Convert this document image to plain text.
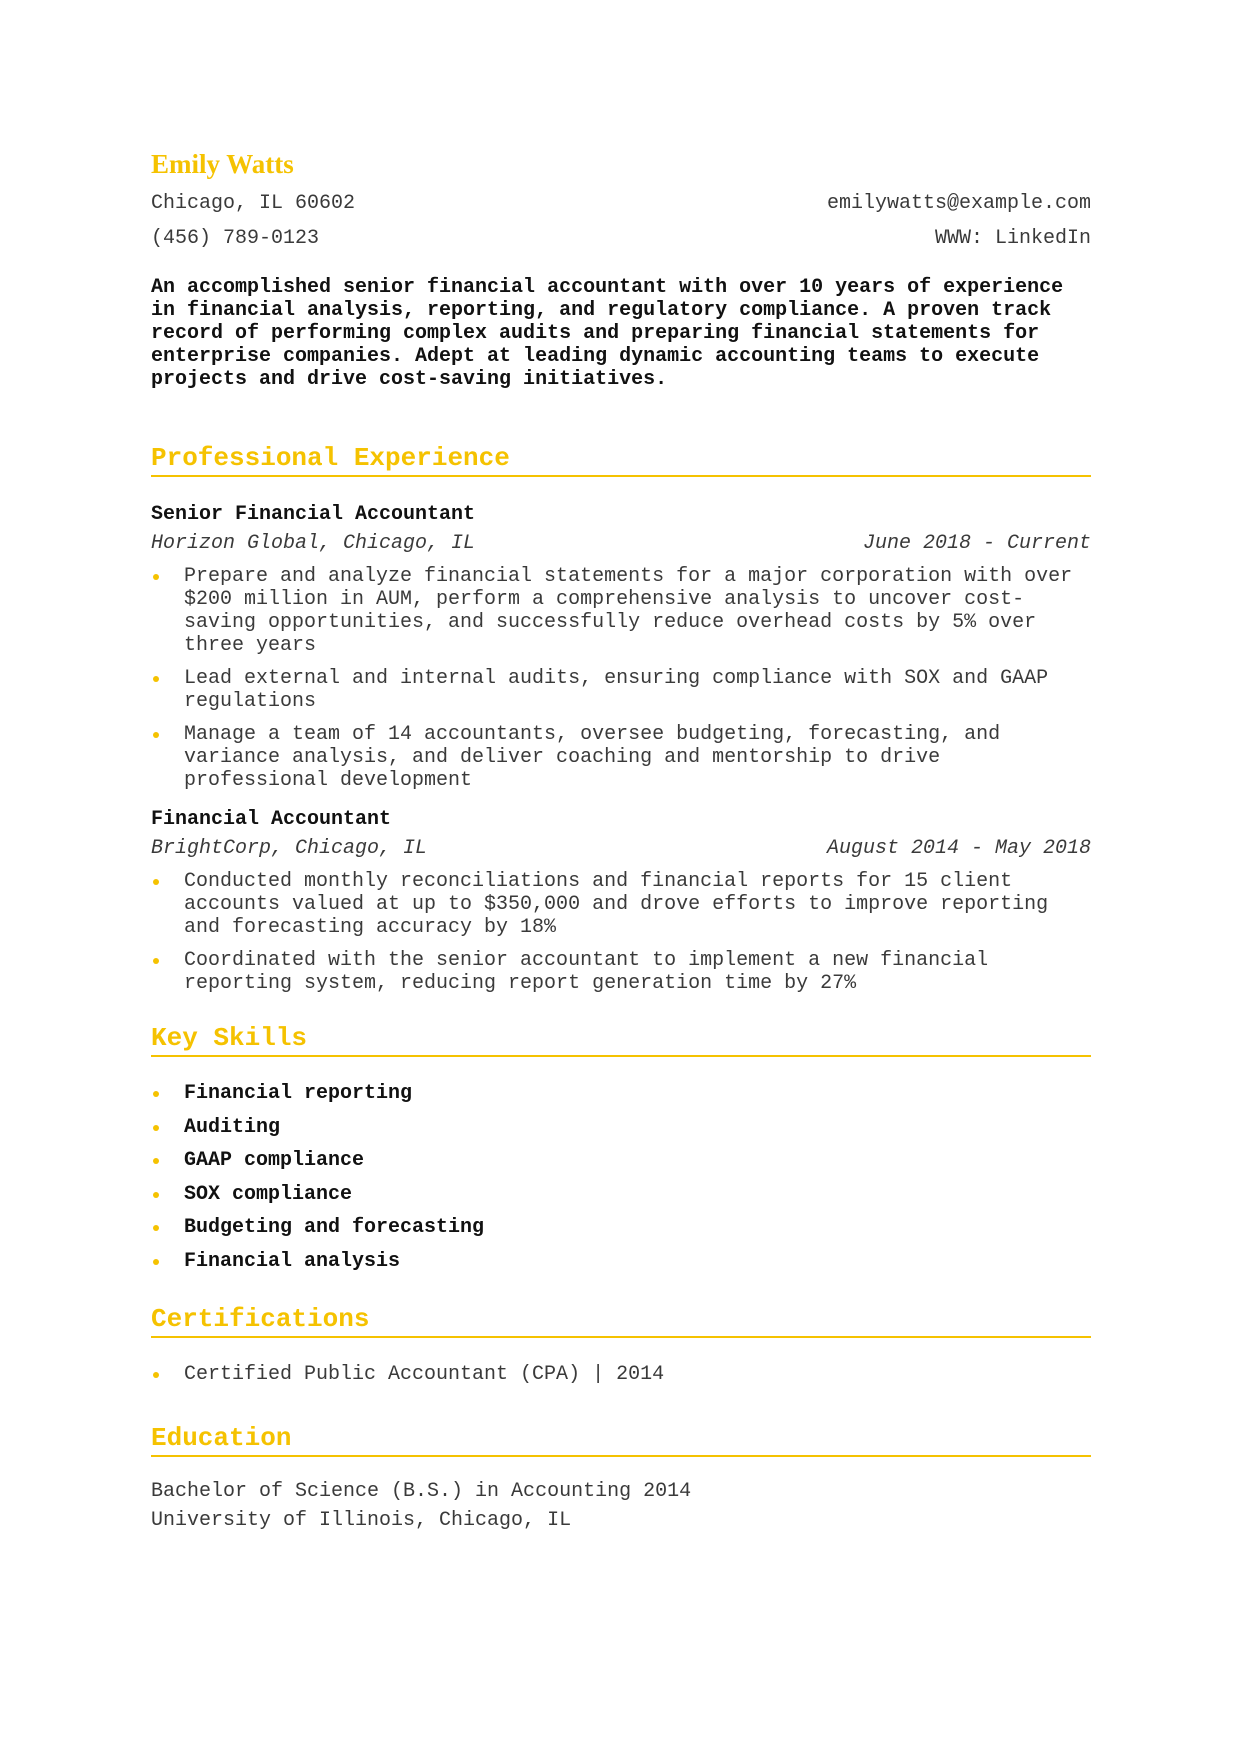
Emily Watts
Chicago, IL 60602	emilywatts@example.com
(456) 789-0123	WWW: LinkedIn
An accomplished senior financial accountant with over 10 years of experience in financial analysis, reporting, and regulatory compliance. A proven track record of performing complex audits and preparing financial statements for enterprise companies. Adept at leading dynamic accounting teams to execute projects and drive cost-saving initiatives.
Professional Experience
Senior Financial Accountant
Horizon Global, Chicago, IL	June 2018 - Current
Prepare and analyze financial statements for a major corporation with over $200 million in AUM, perform a comprehensive analysis to uncover cost-saving opportunities, and successfully reduce overhead costs by 5% over three years
Lead external and internal audits, ensuring compliance with SOX and GAAP regulations
Manage a team of 14 accountants, oversee budgeting, forecasting, and variance analysis, and deliver coaching and mentorship to drive professional development
Financial Accountant
BrightCorp, Chicago, IL	August 2014 - May 2018
Conducted monthly reconciliations and financial reports for 15 client accounts valued at up to $350,000 and drove efforts to improve reporting and forecasting accuracy by 18%
Coordinated with the senior accountant to implement a new financial reporting system, reducing report generation time by 27%
Key Skills
Financial reporting
Auditing
GAAP compliance
SOX compliance
Budgeting and forecasting
Financial analysis
Certifications
Certified Public Accountant (CPA) | 2014
Education
Bachelor of Science (B.S.) in Accounting 2014
University of Illinois, Chicago, IL
